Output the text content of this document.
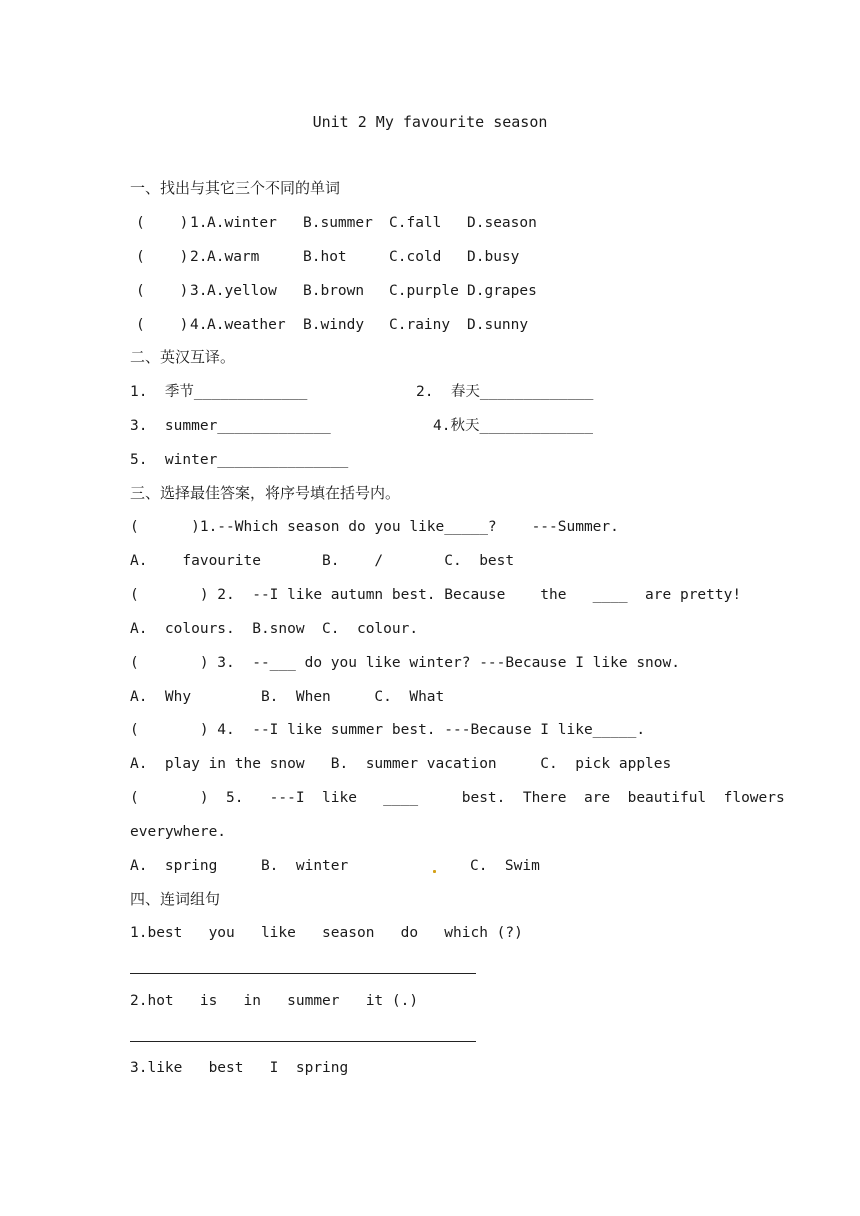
Unit 2 My favourite season
一、找出与其它三个不同的单词
(    ) 1. A.winter B.summer C.fall D.season
(    ) 2. A.warm	B.hot	C.cold D.busy
(    ) 3. A.yellow B.brown C.purple D.grapes
(    ) 4. A.weather B.windy C.rainy D.sunny
二、英汉互译。
1.  季节_____________	2.  春天_____________
3.  summer_____________	4.秋天_____________
5.  winter_______________
三、选择最佳答案，将序号填在括号内。
(      )1.--Which season do you like_____?    ---Summer.
A.    favourite       B.    /       C.  best
(       ) 2.  --I like autumn best. Because    the   ____  are pretty!
A.  colours.  B.snow  C.  colour.
(       ) 3.  --___ do you like winter? ---Because I like snow.
A.  Why        B.  When     C.  What
(       ) 4.  --I like summer best. ---Because I like_____.
A.  play in the snow   B.  summer vacation     C.  pick apples
(       )  5.   ---I  like   ____     best.  There  are  beautiful  flowers
everywhere.
A.  spring     B.  winter	C.  Swim
四、连词组句
1.best   you   like   season   do   which (?)
2.hot   is   in   summer   it (.)
3.like   best   I  spring
